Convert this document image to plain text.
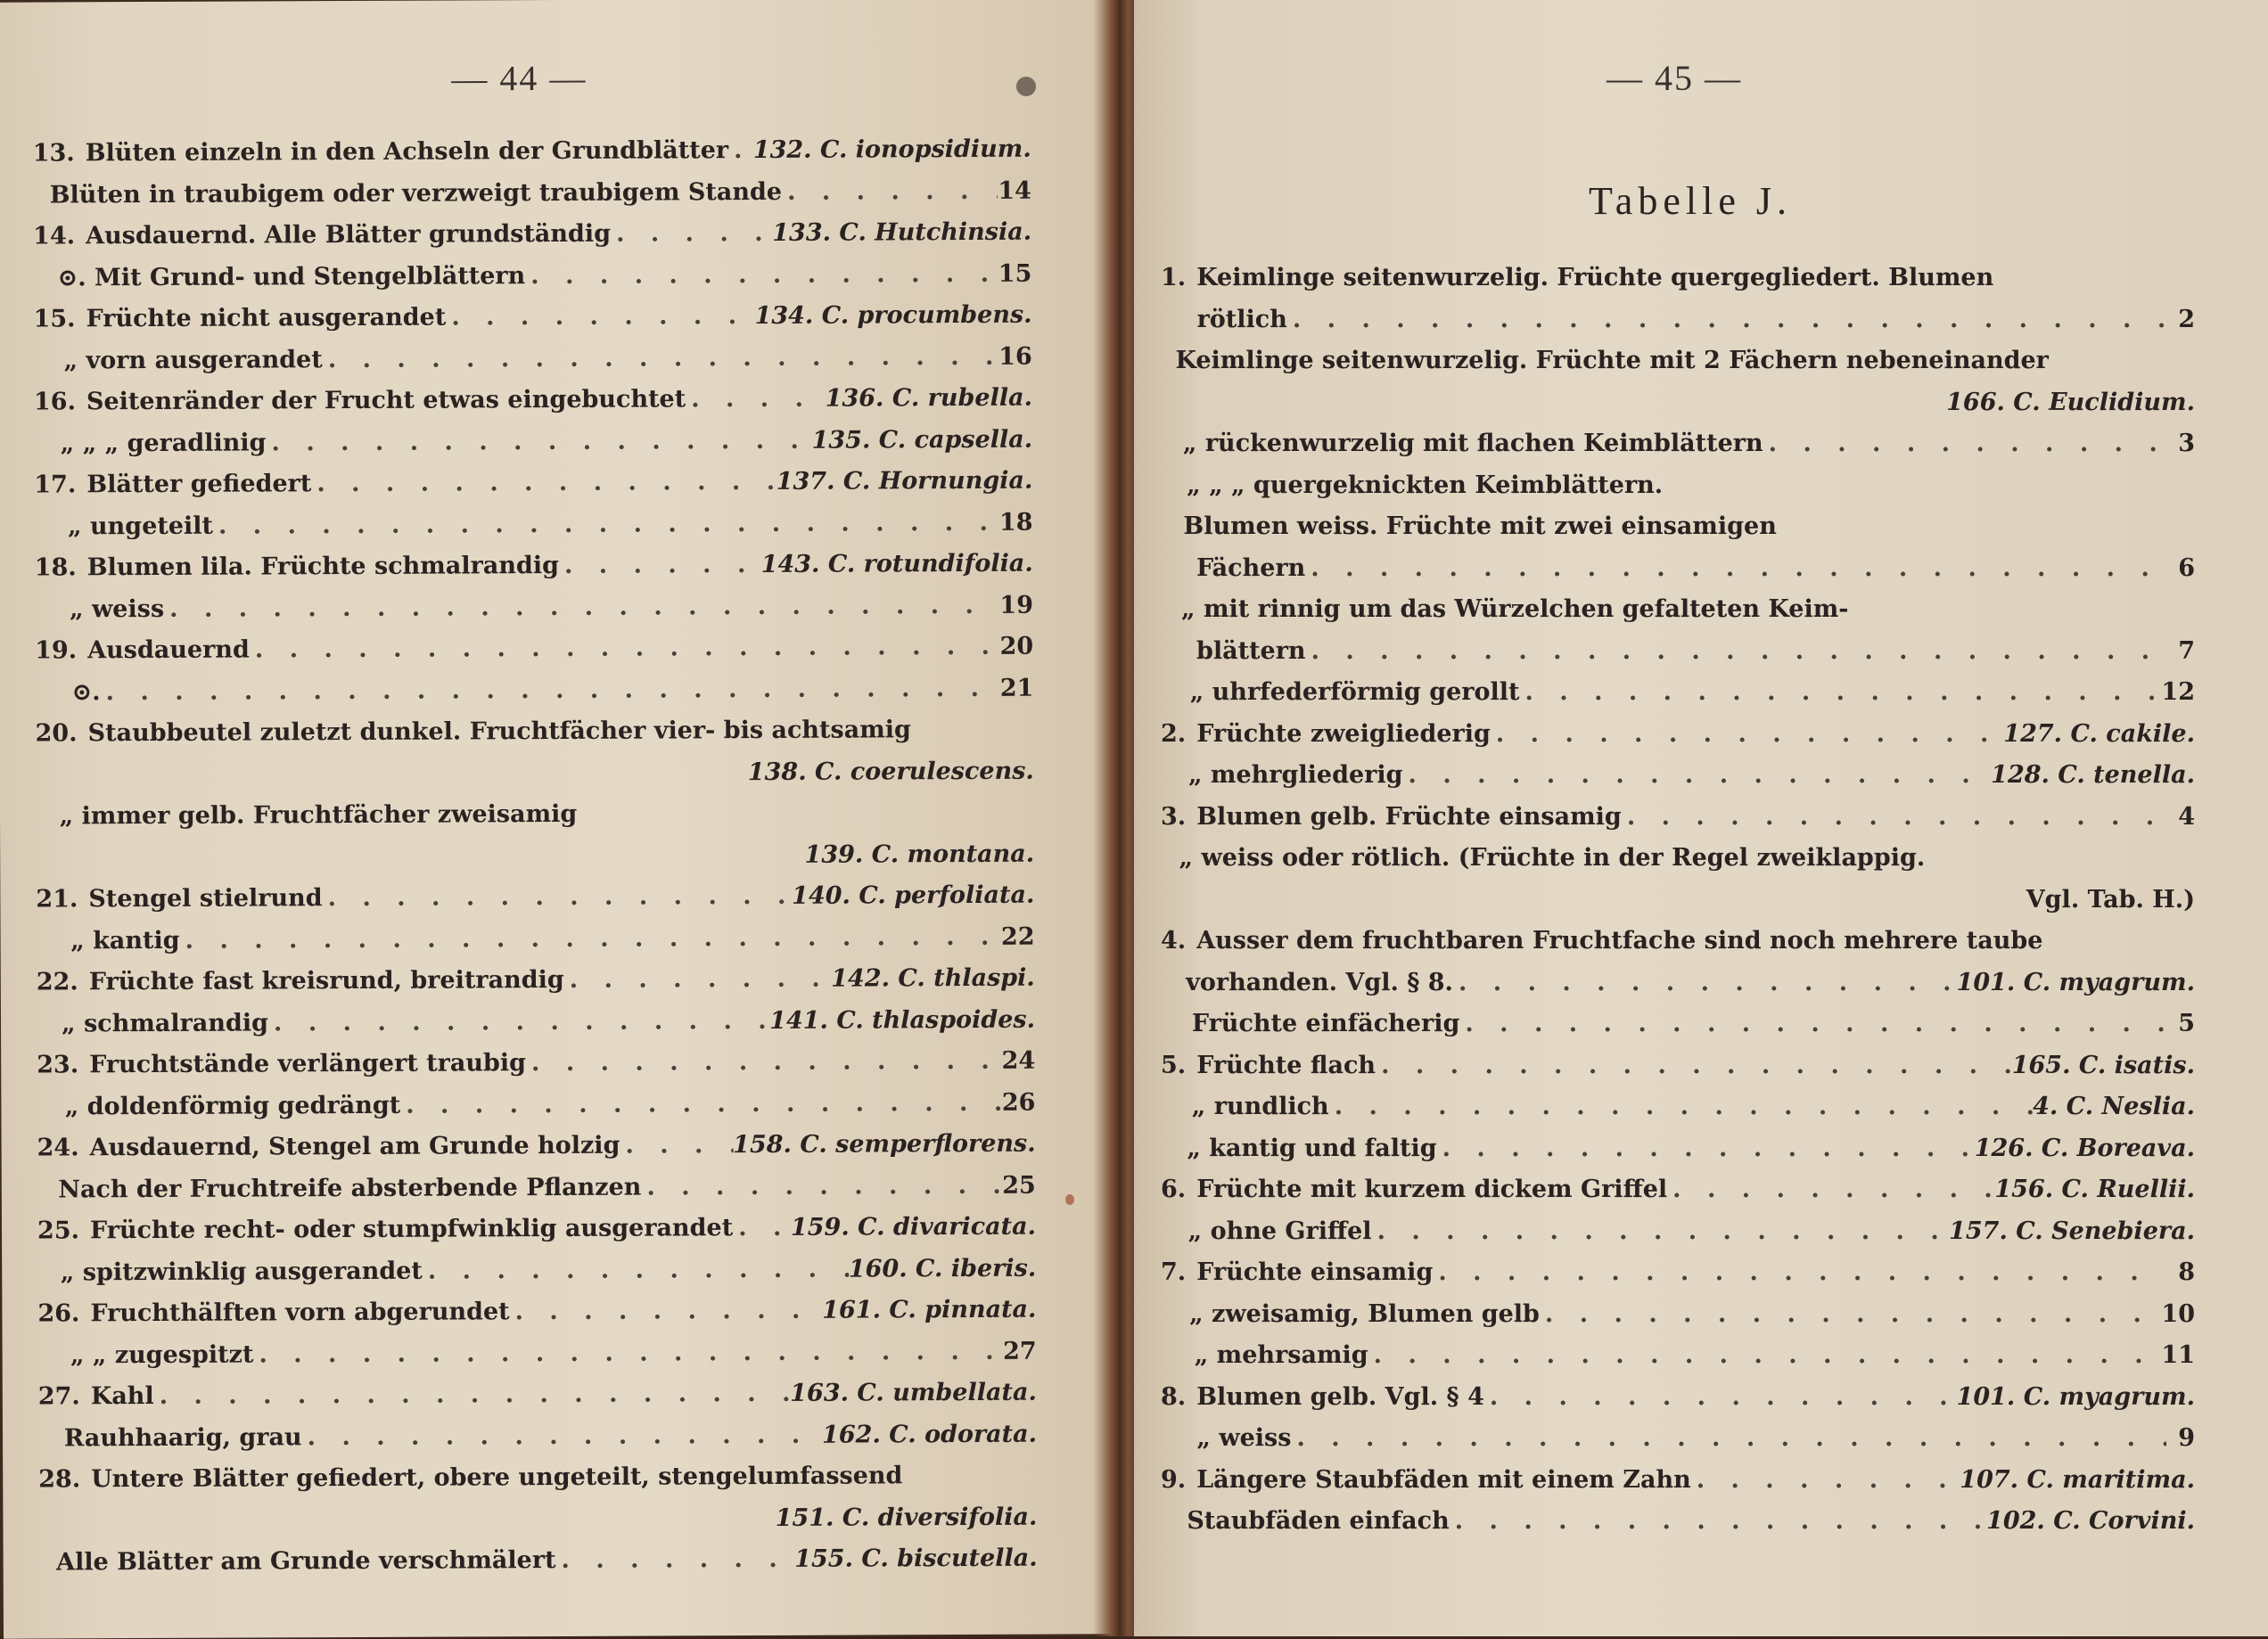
— 44 —
13. Blüten einzeln in den Achseln der Grundblätter . . . 132. C. ionopsidium.
Blüten in traubigem oder verzweigt traubigem Stande . . .	14
14. Ausdauernd. Alle Blätter grundständig . . .	133. C. Hutchinsia.
⊙. Mit Grund- und Stengelblättern . . .	15
15. Früchte nicht ausgerandet . . .	134. C. procumbens.
„ vorn ausgerandet . . .	16
16. Seitenränder der Frucht etwas eingebuchtet . . .	136. C. rubella.
„ „ „ geradlinig . . .	135. C. capsella.
17. Blätter gefiedert . . .	137. C. Hornungia.
„ ungeteilt . . .	18
18. Blumen lila. Früchte schmalrandig . . .	143. C. rotundifolia.
„ weiss . . .	19
19. Ausdauernd . . .	20
⊙. . . .	21
20. Staubbeutel zuletzt dunkel. Fruchtfächer vier- bis achtsamig
138. C. coerulescens.
„ immer gelb. Fruchtfächer zweisamig
139. C. montana.
21. Stengel stielrund . . .	140. C. perfoliata.
„ kantig . . .	22
22. Früchte fast kreisrund, breitrandig . . .	142. C. thlaspi.
„ schmalrandig . . .	141. C. thlaspoides.
23. Fruchtstände verlängert traubig . . .	24
„ doldenförmig gedrängt . . .	26
24. Ausdauernd, Stengel am Grunde holzig . . .	158. C. semperflorens.
Nach der Fruchtreife absterbende Pflanzen . . .	25
25. Früchte recht- oder stumpfwinklig ausgerandet . . . 159. C. divaricata.
„ spitzwinklig ausgerandet . . .	160. C. iberis.
26. Fruchthälften vorn abgerundet . . .	161. C. pinnata.
„ „ zugespitzt . . .	27
27. Kahl . . .	163. C. umbellata.
Rauhhaarig, grau . . .	162. C. odorata.
28. Untere Blätter gefiedert, obere ungeteilt, stengelumfassend
151. C. diversifolia.
Alle Blätter am Grunde verschmälert . . .	155. C. biscutella.
— 45 —
Tabelle J.
1. Keimlinge seitenwurzelig. Früchte quergegliedert. Blumen
rötlich . . .	2
Keimlinge seitenwurzelig. Früchte mit 2 Fächern nebeneinander
166. C. Euclidium.
„ rückenwurzelig mit flachen Keimblättern . . .	3
„ „ „ quergeknickten Keimblättern.
Blumen weiss. Früchte mit zwei einsamigen
Fächern . . .	6
„ mit rinnig um das Würzelchen gefalteten Keim-
blättern . . .	7
„ uhrfederförmig gerollt . . .	12
2. Früchte zweigliederig . . .	127. C. cakile.
„ mehrgliederig . . .	128. C. tenella.
3. Blumen gelb. Früchte einsamig . . .	4
„ weiss oder rötlich. (Früchte in der Regel zweiklappig.
Vgl. Tab. H.)
4. Ausser dem fruchtbaren Fruchtfache sind noch mehrere taube
vorhanden. Vgl. § 8. . . .	101. C. myagrum.
Früchte einfächerig . . .	5
5. Früchte flach . . .	165. C. isatis.
„ rundlich . . .	4. C. Neslia.
„ kantig und faltig . . .	126. C. Boreava.
6. Früchte mit kurzem dickem Griffel . . .	156. C. Ruellii.
„ ohne Griffel . . .	157. C. Senebiera.
7. Früchte einsamig . . .	8
„ zweisamig, Blumen gelb . . .	10
„ mehrsamig . . .	11
8. Blumen gelb. Vgl. § 4 . . .	101. C. myagrum.
„ weiss . . .	9
9. Längere Staubfäden mit einem Zahn . . .	107. C. maritima.
Staubfäden einfach . . .	102. C. Corvini.
